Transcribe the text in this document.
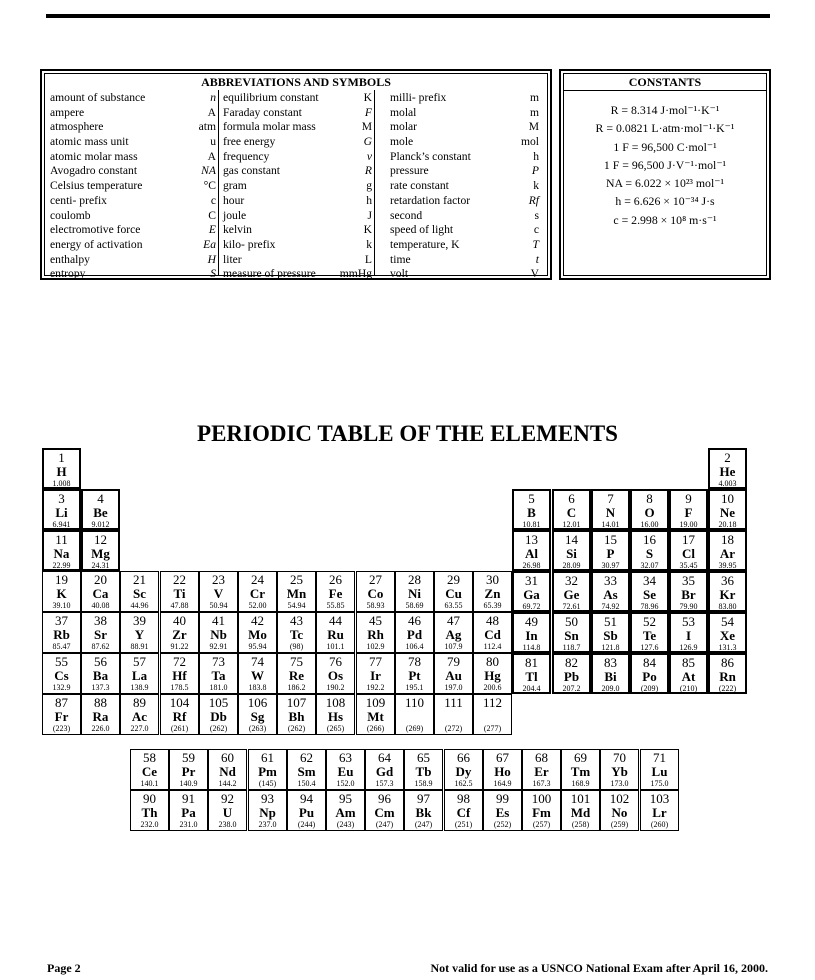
ABBREVIATIONS AND SYMBOLS
amount of substance	n
ampere	A
atmosphere	atm
atomic mass unit	u
atomic molar mass	A
Avogadro constant	NA
Celsius temperature	°C
centi- prefix	c
coulomb	C
electromotive force	E
energy of activation	Ea
enthalpy	H
entropy	S
equilibrium constant	K
Faraday constant	F
formula molar mass	M
free energy	G
frequency	ν
gas constant	R
gram	g
hour	h
joule	J
kelvin	K
kilo- prefix	k
liter	L
measure of pressure mmHg
milli- prefix	m
molal	m
molar	M
mole	mol
Planck’s constant	h
pressure	P
rate constant	k
retardation factor	Rf
second	s
speed of light	c
temperature, K	T
time	t
volt	V
CONSTANTS
R = 8.314 J·mol⁻¹·K⁻¹
R = 0.0821 L·atm·mol⁻¹·K⁻¹
1 F = 96,500 C·mol⁻¹
1 F = 96,500 J·V⁻¹·mol⁻¹
NA = 6.022 × 10²³ mol⁻¹
h = 6.626 × 10⁻³⁴ J·s
c = 2.998 × 10⁸ m·s⁻¹
PERIODIC TABLE OF THE ELEMENTS
1
H
1.008
2
He
4.003
3
Li
6.941
4
Be
9.012
5
B
10.81
6
C
12.01
7
N
14.01
8
O
16.00
9
F
19.00
10
Ne
20.18
11
Na
22.99
12
Mg
24.31
13
Al
26.98
14
Si
28.09
15
P
30.97
16
S
32.07
17
Cl
35.45
18
Ar
39.95
19
K
39.10
20
Ca
40.08
21
Sc
44.96
22
Ti
47.88
23
V
50.94
24
Cr
52.00
25
Mn
54.94
26
Fe
55.85
27
Co
58.93
28
Ni
58.69
29
Cu
63.55
30
Zn
65.39
31
Ga
69.72
32
Ge
72.61
33
As
74.92
34
Se
78.96
35
Br
79.90
36
Kr
83.80
37
Rb
85.47
38
Sr
87.62
39
Y
88.91
40
Zr
91.22
41
Nb
92.91
42
Mo
95.94
43
Tc
(98)
44
Ru
101.1
45
Rh
102.9
46
Pd
106.4
47
Ag
107.9
48
Cd
112.4
49
In
114.8
50
Sn
118.7
51
Sb
121.8
52
Te
127.6
53
I
126.9
54
Xe
131.3
55
Cs
132.9
56
Ba
137.3
57
La
138.9
72
Hf
178.5
73
Ta
181.0
74
W
183.8
75
Re
186.2
76
Os
190.2
77
Ir
192.2
78
Pt
195.1
79
Au
197.0
80
Hg
200.6
81
Tl
204.4
82
Pb
207.2
83
Bi
209.0
84
Po
(209)
85
At
(210)
86
Rn
(222)
87
Fr
(223)
88
Ra
226.0
89
Ac
227.0
104
Rf
(261)
105
Db
(262)
106
Sg
(263)
107
Bh
(262)
108
Hs
(265)
109
Mt
(266)
110
(269)
111
(272)
112
(277)
58
Ce
140.1
59
Pr
140.9
60
Nd
144.2
61
Pm
(145)
62
Sm
150.4
63
Eu
152.0
64
Gd
157.3
65
Tb
158.9
66
Dy
162.5
67
Ho
164.9
68
Er
167.3
69
Tm
168.9
70
Yb
173.0
71
Lu
175.0
90
Th
232.0
91
Pa
231.0
92
U
238.0
93
Np
237.0
94
Pu
(244)
95
Am
(243)
96
Cm
(247)
97
Bk
(247)
98
Cf
(251)
99
Es
(252)
100
Fm
(257)
101
Md
(258)
102
No
(259)
103
Lr
(260)
Page 2	Not valid for use as a USNCO National Exam after April 16, 2000.
